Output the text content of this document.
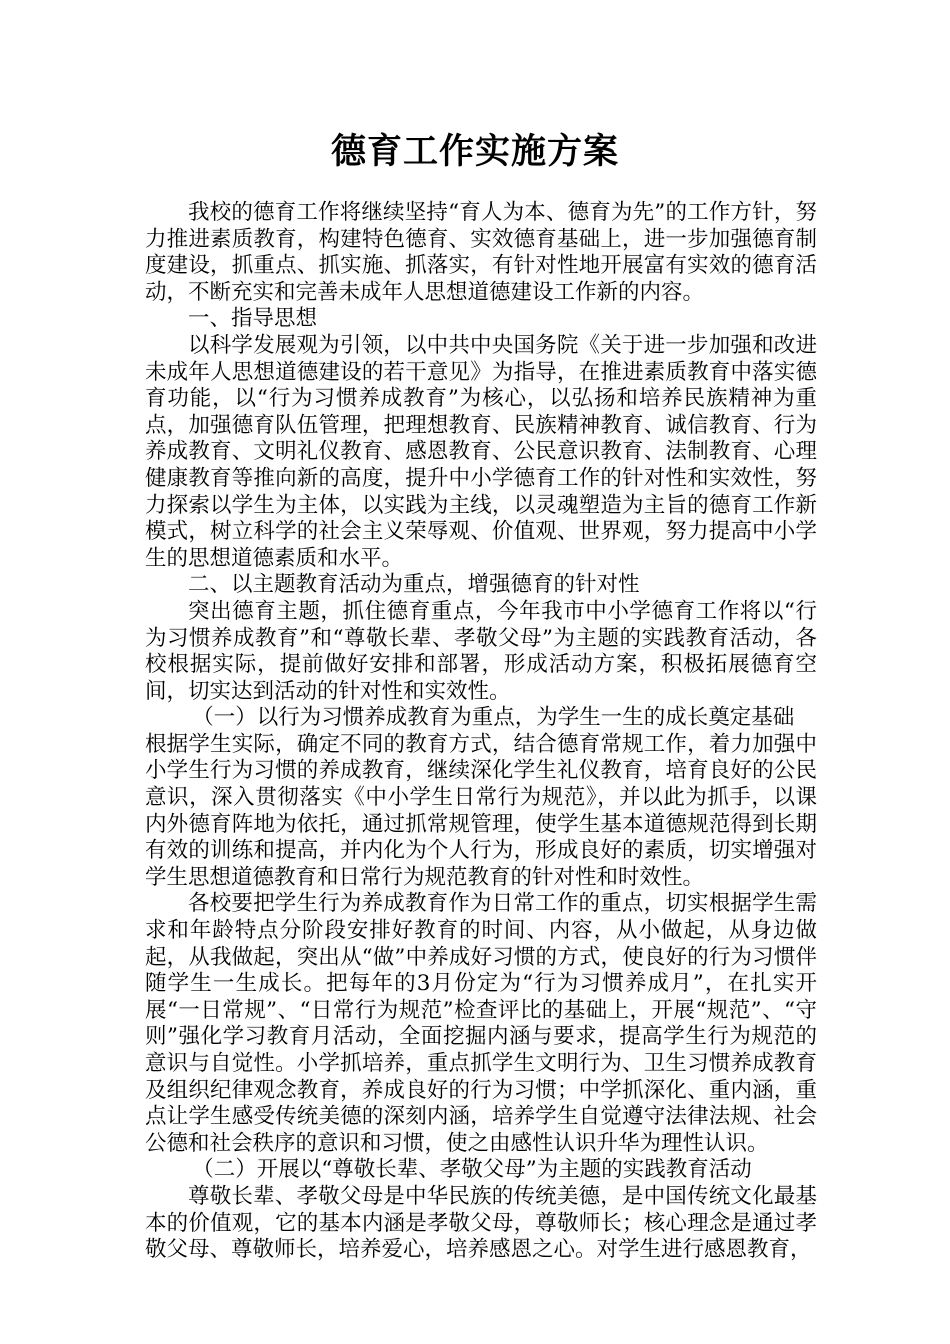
德育工作实施方案

我校的德育工作将继续坚持“育人为本、德育为先”的工作方针，努力推进素质教育，构建特色德育、实效德育基础上，进一步加强德育制度建设，抓重点、抓实施、抓落实，有针对性地开展富有实效的德育活动，不断充实和完善未成年人思想道德建设工作新的内容。

一、指导思想

以科学发展观为引领，以中共中央国务院《关于进一步加强和改进未成年人思想道德建设的若干意见》为指导，在推进素质教育中落实德育功能，以“行为习惯养成教育”为核心，以弘扬和培养民族精神为重点，加强德育队伍管理，把理想教育、民族精神教育、诚信教育、行为养成教育、文明礼仪教育、感恩教育、公民意识教育、法制教育、心理健康教育等推向新的高度，提升中小学德育工作的针对性和实效性，努力探索以学生为主体，以实践为主线，以灵魂塑造为主旨的德育工作新模式，树立科学的社会主义荣辱观、价值观、世界观，努力提高中小学生的思想道德素质和水平。

二、以主题教育活动为重点，增强德育的针对性

突出德育主题，抓住德育重点，今年我市中小学德育工作将以“行为习惯养成教育”和“尊敬长辈、孝敬父母”为主题的实践教育活动，各校根据实际，提前做好安排和部署，形成活动方案，积极拓展德育空间，切实达到活动的针对性和实效性。

（一）以行为习惯养成教育为重点，为学生一生的成长奠定基础

根据学生实际，确定不同的教育方式，结合德育常规工作，着力加强中小学生行为习惯的养成教育，继续深化学生礼仪教育，培育良好的公民意识，深入贯彻落实《中小学生日常行为规范》，并以此为抓手，以课内外德育阵地为依托，通过抓常规管理，使学生基本道德规范得到长期有效的训练和提高，并内化为个人行为，形成良好的素质，切实增强对学生思想道德教育和日常行为规范教育的针对性和时效性。

各校要把学生行为养成教育作为日常工作的重点，切实根据学生需求和年龄特点分阶段安排好教育的时间、内容，从小做起，从身边做起，从我做起，突出从“做”中养成好习惯的方式，使良好的行为习惯伴随学生一生成长。把每年的3月份定为“行为习惯养成月”，在扎实开展“一日常规”、“日常行为规范”检查评比的基础上，开展“规范”、“守则”强化学习教育月活动，全面挖掘内涵与要求，提高学生行为规范的意识与自觉性。小学抓培养，重点抓学生文明行为、卫生习惯养成教育及组织纪律观念教育，养成良好的行为习惯；中学抓深化、重内涵，重点让学生感受传统美德的深刻内涵，培养学生自觉遵守法律法规、社会公德和社会秩序的意识和习惯，使之由感性认识升华为理性认识。

（二）开展以“尊敬长辈、孝敬父母”为主题的实践教育活动

尊敬长辈、孝敬父母是中华民族的传统美德，是中国传统文化最基本的价值观，它的基本内涵是孝敬父母，尊敬师长；核心理念是通过孝敬父母、尊敬师长，培养爱心，培养感恩之心。对学生进行感恩教育，
